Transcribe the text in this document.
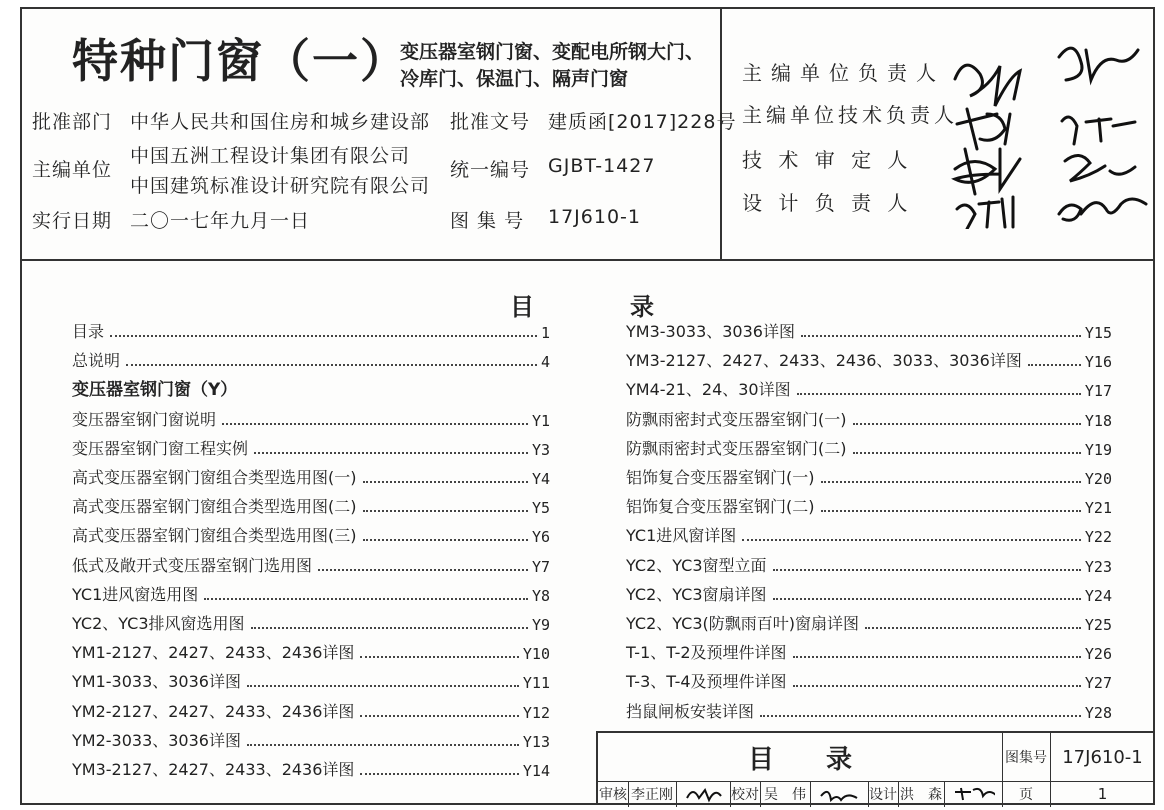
特种门窗（一）
变压器室钢门窗、变配电所钢大门、
冷库门、保温门、隔声门窗
批准部门 中华人民共和国住房和城乡建设部 批准文号 建质函[2017]228号
主编单位
中国五洲工程设计集团有限公司
中国建筑标准设计研究院有限公司
统一编号 GJBT-1427
实行日期 二〇一七年九月一日	图 集 号 17J610-1
主编单位负责人
主编单位技术负责人
技 术 审 定 人
设 计 负 责 人
目　　　　录
目录	1
总说明	4
变压器室钢门窗（Y）
变压器室钢门窗说明	Y1
变压器室钢门窗工程实例	Y3
高式变压器室钢门窗组合类型选用图(一)	Y4
高式变压器室钢门窗组合类型选用图(二)	Y5
高式变压器室钢门窗组合类型选用图(三)	Y6
低式及敞开式变压器室钢门选用图	Y7
YC1进风窗选用图	Y8
YC2、YC3排风窗选用图	Y9
YM1-2127、2427、2433、2436详图	Y10
YM1-3033、3036详图	Y11
YM2-2127、2427、2433、2436详图	Y12
YM2-3033、3036详图	Y13
YM3-2127、2427、2433、2436详图	Y14
YM3-3033、3036详图	Y15
YM3-2127、2427、2433、2436、3033、3036详图	Y16
YM4-21、24、30详图	Y17
防飘雨密封式变压器室钢门(一)	Y18
防飘雨密封式变压器室钢门(二)	Y19
铝饰复合变压器室钢门(一)	Y20
铝饰复合变压器室钢门(二)	Y21
YC1进风窗详图	Y22
YC2、YC3窗型立面	Y23
YC2、YC3窗扇详图	Y24
YC2、YC3(防飘雨百叶)窗扇详图	Y25
T-1、T-2及预埋件详图	Y26
T-3、T-4及预埋件详图	Y27
挡鼠闸板安装详图	Y28
目　　录	图集号 17J610-1
审核 李正刚	校对 吴　伟	设计 洪　森	页	1
